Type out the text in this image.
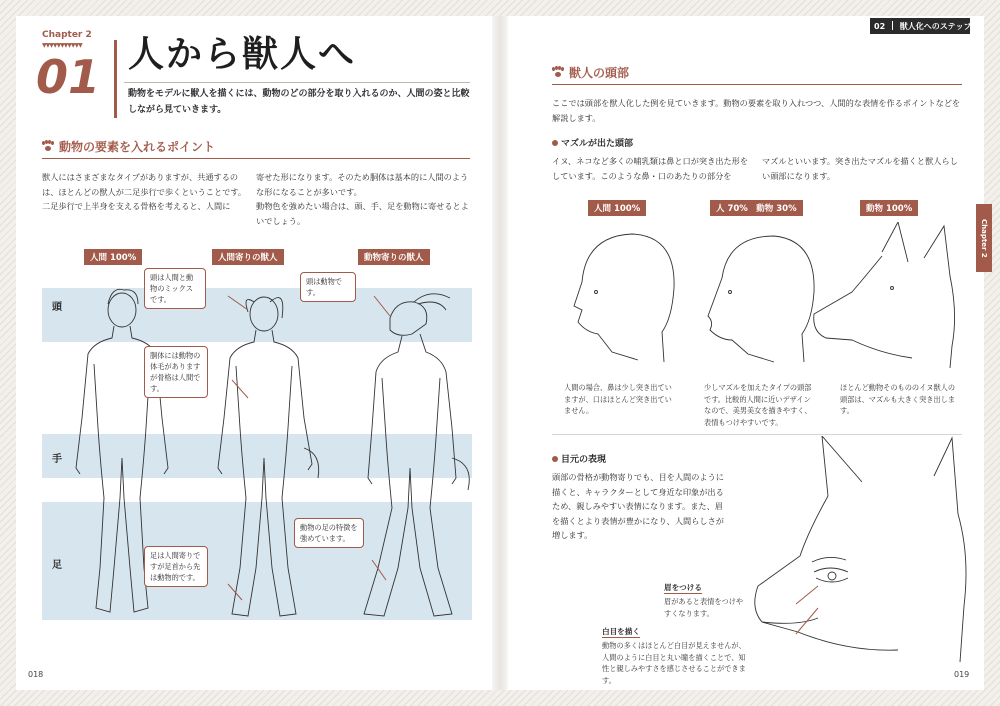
Chapter 2
▼▼▼▼▼▼▼▼▼▼▼
01 人から獣人へ
動物をモデルに獣人を描くには、動物のどの部分を取り入れるのか、人間の姿と比較しながら見ていきます。
動物の要素を入れるポイント
獣人にはさまざまなタイプがありますが、共通するのは、ほとんどの獣人が二足歩行で歩くということです。
二足歩行で上半身を支える骨格を考えると、人間に
寄せた形になります。そのため胴体は基本的に人間のような形になることが多いです。
動物色を強めたい場合は、頭、手、足を動物に寄せるとよいでしょう。
頭
手
足
人間 100%	人間寄りの獣人	動物寄りの獣人
頭は人間と動物のミックスです。
頭は動物です。
胴体には動物の体毛がありますが骨格は人間です。
動物の足の特徴を強めています。
足は人間寄りですが足首から先は動物的です。
018
02 獣人化へのステップ
Chapter 2
獣人の頭部
ここでは頭部を獣人化した例を見ていきます。動物の要素を取り入れつつ、人間的な表情を作るポイントなどを解説します。
マズルが出た頭部
イヌ、ネコなど多くの哺乳類は鼻と口が突き出た形をしています。このような鼻・口のあたりの部分を
マズルといいます。突き出たマズルを描くと獣人らしい頭部になります。
人間 100%	人 70%　動物 30%	動物 100%
人間の場合、鼻は少し突き出ていますが、口はほとんど突き出ていません。
少しマズルを加えたタイプの頭部です。比較的人間に近いデザインなので、美男美女を描きやすく、表情もつけやすいです。
ほとんど動物そのもののイヌ獣人の頭部は、マズルも大きく突き出します。
目元の表現
頭部の骨格が動物寄りでも、目を人間のように描くと、キャラクターとして身近な印象が出るため、親しみやすい表情になります。また、眉を描くとより表情が豊かになり、人間らしさが増します。
眉をつける
眉があると表情をつけやすくなります。
白目を描く
動物の多くはほとんど白目が見えませんが、人間のように白目と丸い瞳を描くことで、知性と親しみやすさを感じさせることができます。
019
